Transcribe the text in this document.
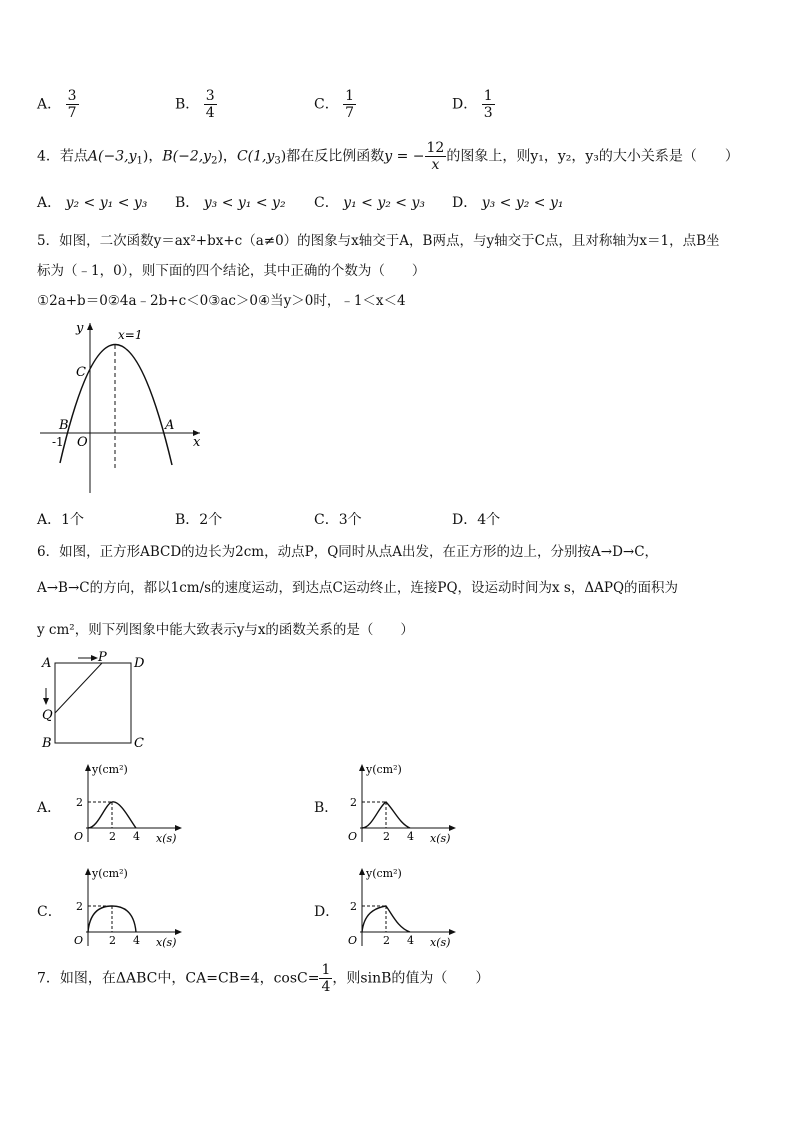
A． $\frac{3}{7}$	B． $\frac{3}{4}$	C． $\frac{1}{7}$	D． $\frac{1}{3}$
4．若点$A(-3,y_1)$，$B(-2,y_2)$，$C(1,y_3)$都在反比例函数y = − $\frac{12}{x}$ 的图象上，则y₁，y₂，y₃的大小关系是（　　）
A． y₂ < y₁ < y₃ B． y₃ < y₁ < y₂ C． y₁ < y₂ < y₃ D． y₃ < y₂ < y₁
5．如图，二次函数y＝ax²+bx+c（a≠0）的图象与x轴交于A，B两点，与y轴交于C点，且对称轴为x＝1，点B坐
标为（﹣1，0），则下面的四个结论，其中正确的个数为（　　）
①2a+b＝0②4a﹣2b+c＜0③ac＞0④当y＞0时，﹣1＜x＜4
y
x
x=1
C
B	A
O
-1
A．1个	B．2个	C．3个	D．4个
6．如图，正方形ABCD的边长为2cm，动点P，Q同时从点A出发，在正方形的边上，分别按A→D→C，
A→B→C的方向，都以1cm/s的速度运动，到达点C运动终止，连接PQ，设运动时间为x s，ΔAPQ的面积为
y cm²，则下列图象中能大致表示y与x的函数关系的是（　　）
A	D
B	C
P
Q
A．
y(cm²)
2
O 2 4 x(s)
B．
y(cm²)
2
O 2 4 x(s)
C．
y(cm²)
2
O 2 4 x(s)
D．
y(cm²)
2
O 2 4 x(s)
7．如图，在ΔABC中，CA=CB=4，$\cos C= \frac{1}{4}$ ，则sinB的值为（　　）
